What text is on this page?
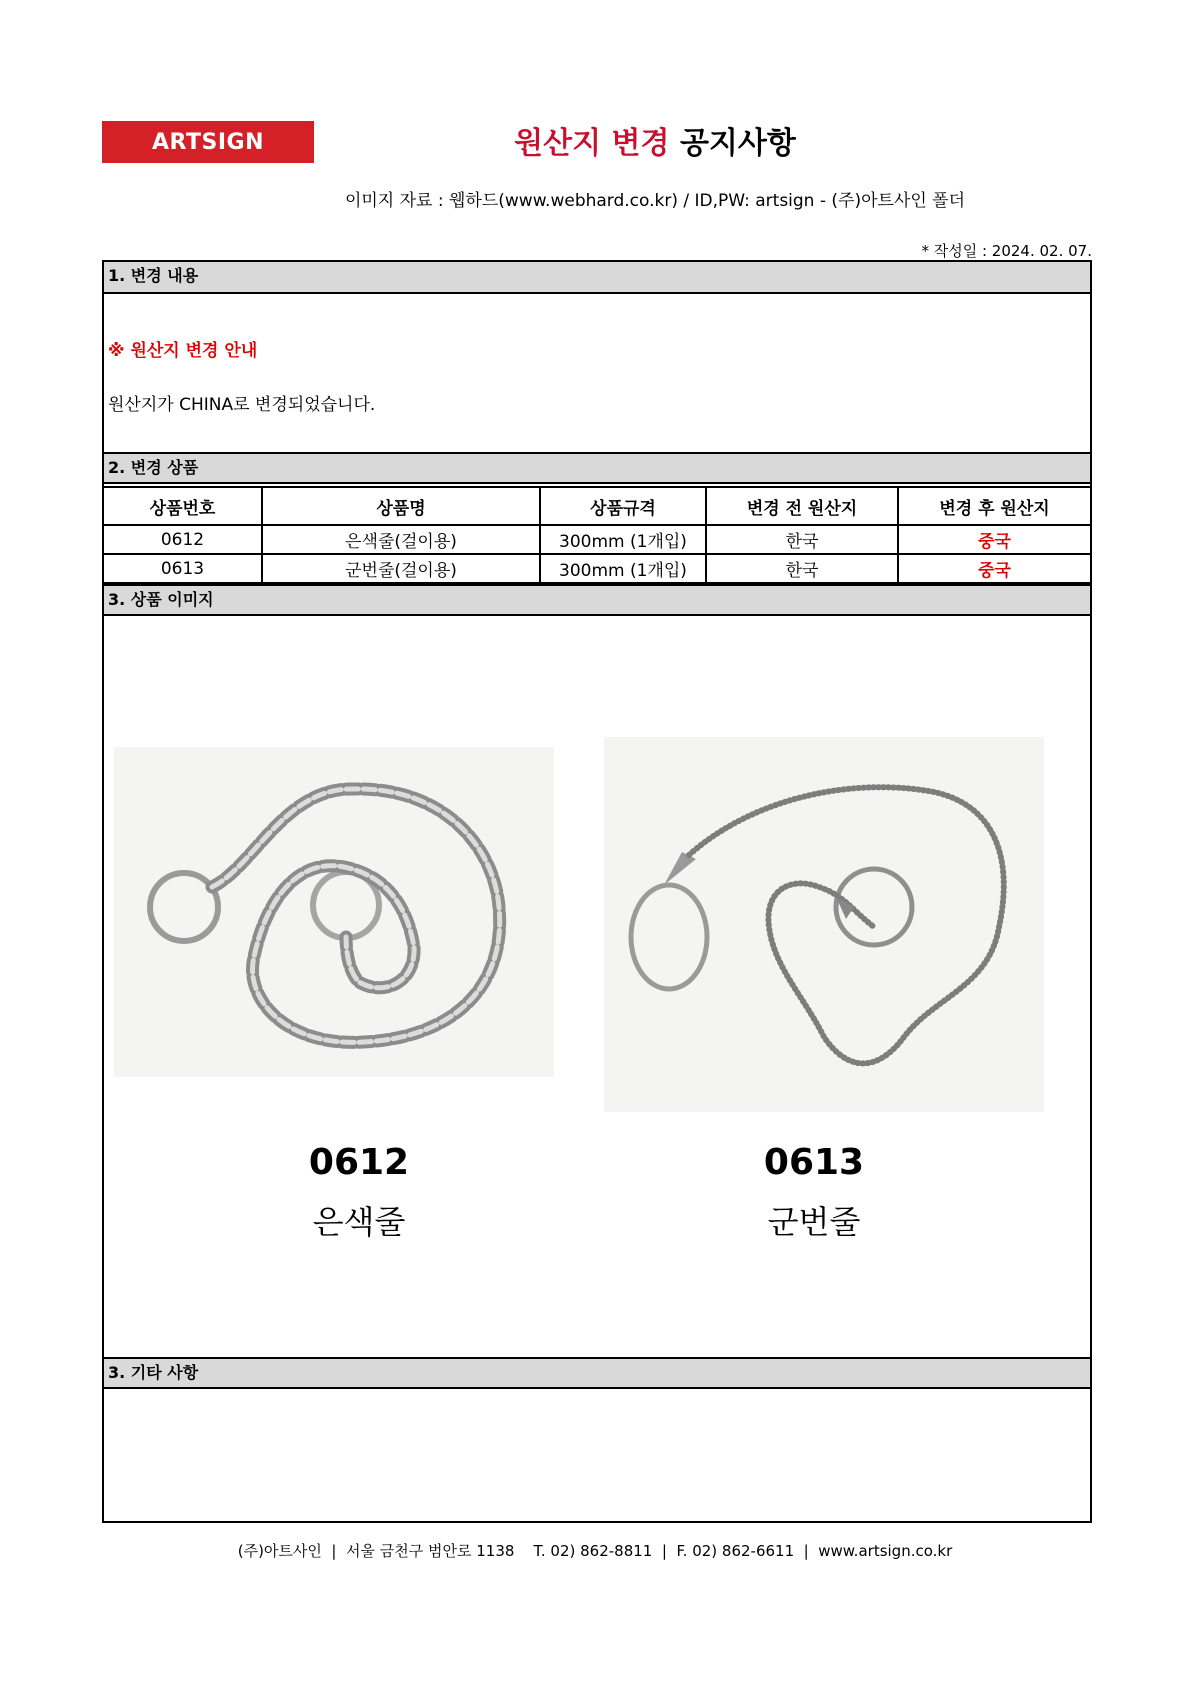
ARTSIGN	원산지 변경 공지사항
이미지 자료 : 웹하드(www.webhard.co.kr) / ID,PW: artsign - (주)아트사인 폴더
* 작성일 : 2024. 02. 07.
1. 변경 내용
※ 원산지 변경 안내
원산지가 CHINA로 변경되었습니다.
2. 변경 상품
상품번호	상품명	상품규격	변경 전 원산지	변경 후 원산지
0612	은색줄(걸이용)	300mm (1개입)	한국	중국
0613	군번줄(걸이용)	300mm (1개입)	한국	중국
3. 상품 이미지
0612
은색줄
0613
군번줄
3. 기타 사항
(주)아트사인  |  서울 금천구 범안로 1138    T. 02) 862-8811  |  F. 02) 862-6611  |  www.artsign.co.kr
